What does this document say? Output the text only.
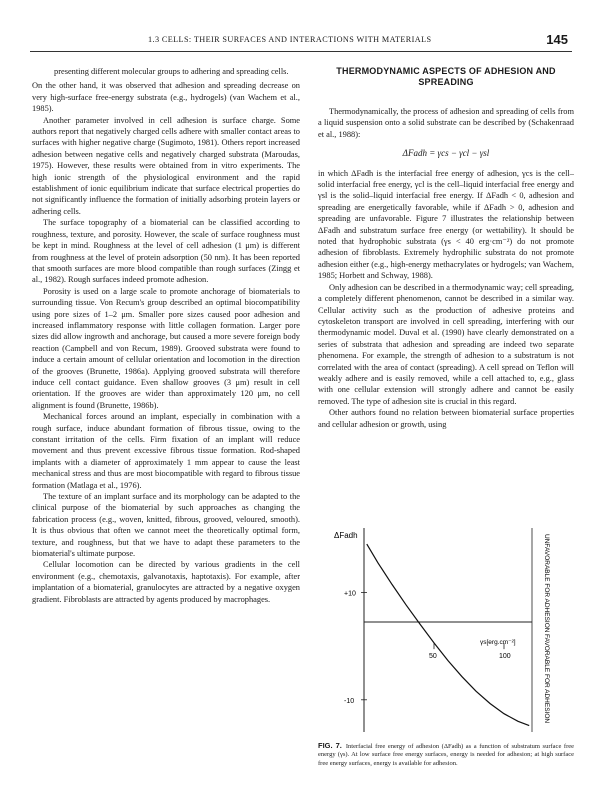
1.3 CELLS: THEIR SURFACES AND INTERACTIONS WITH MATERIALS	145

presenting different molecular groups to adhering and spreading cells.

On the other hand, it was observed that adhesion and spreading decrease on very high-surface free-energy substrata (e.g., hydrogels) (van Wachem et al., 1985).

Another parameter involved in cell adhesion is surface charge. Some authors report that negatively charged cells adhere with smaller contact areas to surfaces with higher negative charge (Sugimoto, 1981). Others report increased adhesion between negative cells and negatively charged substrata (Maroudas, 1975). However, these results were obtained from in vitro experiments. The high ionic strength of the physiological environment and the rapid establishment of ionic equilibrium indicate that surface electrical properties do not significantly influence the formation of initially adsorbing protein layers or adhering cells.

The surface topography of a biomaterial can be classified according to roughness, texture, and porosity. However, the scale of surface roughness must be kept in mind. Roughness at the level of cell adhesion (1 μm) is different from roughness at the level of protein adsorption (50 nm). It has been reported that smooth surfaces are more blood compatible than rough surfaces (Zingg et al., 1982). Rough surfaces indeed promote adhesion.

Porosity is used on a large scale to promote anchorage of biomaterials to surrounding tissue. Von Recum's group described an optimal biocompatibility using pore sizes of 1–2 μm. Smaller pore sizes caused poor adhesion and increased inflammatory response with little collagen formation. Larger pore sizes did allow ingrowth and anchorage, but caused a more severe foreign body reaction (Campbell and von Recum, 1989). Grooved substrata were found to induce a certain amount of cellular orientation and locomotion in the direction of the grooves (Brunette, 1986a). Applying grooved substrata will therefore induce cell contact guidance. Even shallow grooves (3 μm) result in cell orientation. If the grooves are wider than approximately 120 μm, no cell alignment is found (Brunette, 1986b).

Mechanical forces around an implant, especially in combination with a rough surface, induce abundant formation of fibrous tissue, owing to the constant irritation of the cells. Firm fixation of an implant will reduce movement and thus prevent excessive fibrous tissue formation. Rod-shaped implants with a diameter of approximately 1 mm appear to cause the least mechanical stress and thus are most biocompatible with regard to fibrous tissue formation (Matlaga et al., 1976).

The texture of an implant surface and its morphology can be adapted to the clinical purpose of the biomaterial by such approaches as changing the fabrication process (e.g., woven, knitted, fibrous, grooved, veloured, smooth). It is thus obvious that often we cannot meet the theoretically optimal form, texture, and roughness, but that we have to adapt these parameters to the biomaterial's ultimate purpose.

Cellular locomotion can be directed by various gradients in the cell environment (e.g., chemotaxis, galvanotaxis, haptotaxis). For example, after implantation of a biomaterial, granulocytes are attracted by a negative oxygen gradient. Fibroblasts are attracted by agents produced by macrophages.

THERMODYNAMIC ASPECTS OF ADHESION AND SPREADING

Thermodynamically, the process of adhesion and spreading of cells from a liquid suspension onto a solid substrate can be described by (Schakenraad et al., 1988):

ΔFadh = γcs − γcl − γsl

in which ΔFadh is the interfacial free energy of adhesion, γcs is the cell–solid interfacial free energy, γcl is the cell–liquid interfacial free energy and γsl is the solid–liquid interfacial free energy. If ΔFadh < 0, adhesion and spreading are energetically favorable, while if ΔFadh > 0, adhesion and spreading are unfavorable. Figure 7 illustrates the relationship between ΔFadh and substratum surface free energy (or wettability). It should be noted that hydrophobic substrata (γs < 40 erg·cm⁻²) do not promote adhesion of fibroblasts. Extremely hydrophilic substrata do not promote adhesion either (e.g., high-energy methacrylates or hydrogels; van Wachem, 1985; Horbett and Schway, 1988).

Only adhesion can be described in a thermodynamic way; cell spreading, a completely different phenomenon, cannot be described in a similar way. Cellular activity such as the production of adhesive proteins and cytoskeleton transport are involved in cell spreading, interfering with our thermodynamic model. Duval et al. (1990) have clearly demonstrated on a series of substrata that adhesion and spreading are indeed two separate phenomena. For example, the strength of adhesion to a substratum is not correlated with the area of contact (spreading). A cell spread on Teflon will weakly adhere and is easily removed, while a cell attached to, e.g., glass with one cellular extension will strongly adhere and cannot be easily removed. The type of adhesion site is crucial in this regard.

Other authors found no relation between biomaterial surface properties and cellular adhesion or growth, using

ΔFadh
γs[erg.cm⁻²]
UNFAVORABLE FOR ADHESION
FAVORABLE FOR ADHESION
50	100
+10
-10
FIG. 7. Interfacial free energy of adhesion (ΔFadh) as a function of substratum surface free energy (γs). At low surface free energy surfaces, energy is needed for adhesion; at high surface free energy surfaces, energy is available for adhesion.
